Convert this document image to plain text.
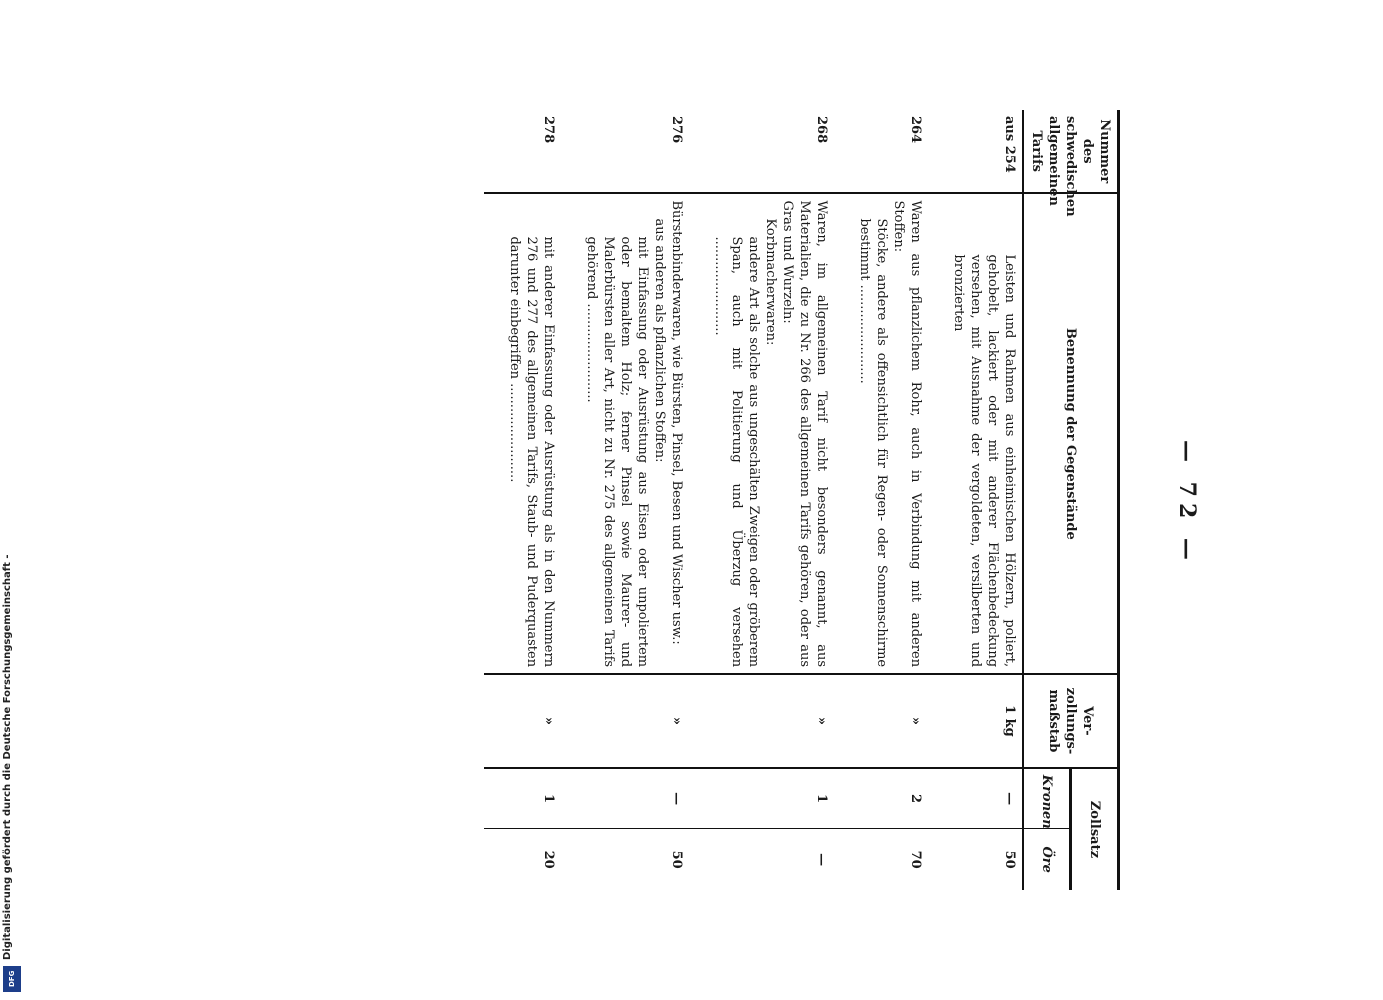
Digitalisierung gefördert durch die Deutsche Forschungsgemeinschaft -
DFG
— 72 —
Nummer des schwedischen allgemeinen Tarifs	Benennung der Gegenstände	Ver- zollungs- maßstab	Zollsatz	
			Kronen	Öre
aus 254	Leisten und Rahmen aus einheimischen Hölzern, poliert, gehobelt, lackiert oder mit anderer Flächenbedeckung versehen, mit Ausnahme der vergoldeten, versilberten und bronzierten	1 kg	—	50

264	Waren aus pflanzlichem Rohr, auch in Verbindung mit anderen Stoffen:

Stöcke, andere als offensichtlich für Regen- oder Sonnenschirme bestimmt ........................	»	2	70

268	Waren, im allgemeinen Tarif nicht besonders genannt, aus Materialien, die zu Nr. 266 des allgemeinen Tarifs gehören, oder aus Gras und Wurzeln:

Korbmacherwaren:

andere Art als solche aus ungeschälten Zweigen oder gröberem Span, auch mit Politierung und Überzug versehen ........................	»	1	—

276	Bürstenbinderwaren, wie Bürsten, Pinsel, Besen und Wischer usw.:

aus anderen als pflanzlichen Stoffen:

mit Einfassung oder Ausrüstung aus Eisen oder unpoliertem oder bemaltem Holz; ferner Pinsel sowie Maurer- und Malerbürsten aller Art, nicht zu Nr. 275 des allgemeinen Tarifs gehörend ........................	»	—	50

278	mit anderer Einfassung oder Ausrüstung als in den Nummern 276 und 277 des allgemeinen Tarifs, Staub- und Puderquasten darunter einbegriffen ........................	»	1	20
